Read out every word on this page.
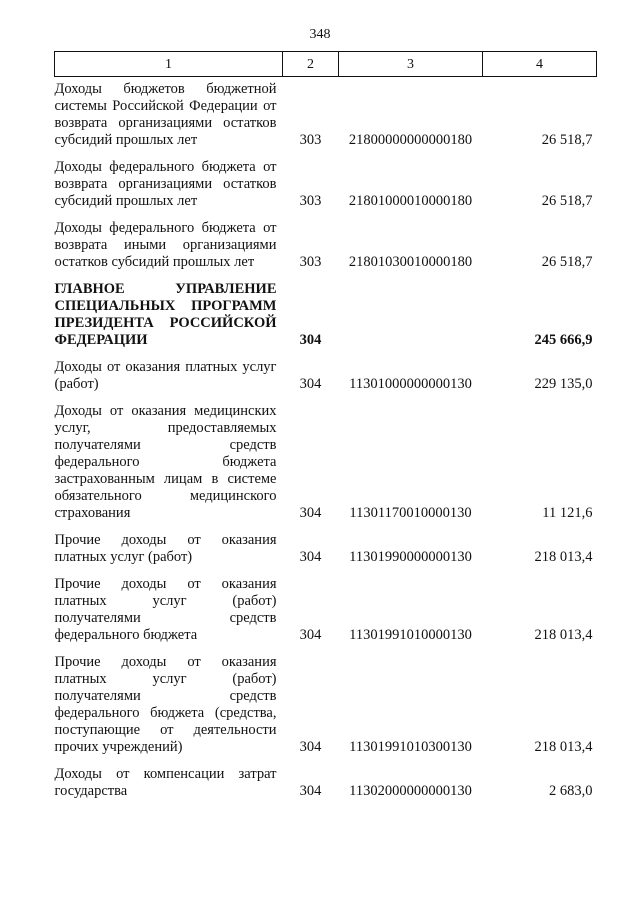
348
1	2	3	4
Доходы бюджетов бюджетной системы Российской Федерации от возврата организациями остатков субсидий прошлых лет	303	21800000000000180	26 518,7
Доходы федерального бюджета от возврата организациями остатков субсидий прошлых лет	303	21801000010000180	26 518,7
Доходы федерального бюджета от возврата иными организациями остатков субсидий прошлых лет	303	21801030010000180	26 518,7
ГЛАВНОЕ УПРАВЛЕНИЕ СПЕЦИАЛЬНЫХ ПРОГРАММ ПРЕЗИДЕНТА РОССИЙСКОЙ ФЕДЕРАЦИИ	304		245 666,9
Доходы от оказания платных услуг (работ)	304	11301000000000130	229 135,0
Доходы от оказания медицинских услуг, предоставляемых получателями средств федерального бюджета застрахованным лицам в системе обязательного медицинского страхования	304	11301170010000130	11 121,6
Прочие доходы от оказания платных услуг (работ)	304	11301990000000130	218 013,4
Прочие доходы от оказания платных услуг (работ) получателями средств федерального бюджета	304	11301991010000130	218 013,4
Прочие доходы от оказания платных услуг (работ) получателями средств федерального бюджета (средства, поступающие от деятельности прочих учреждений)	304	11301991010300130	218 013,4
Доходы от компенсации затрат государства	304	11302000000000130	2 683,0
